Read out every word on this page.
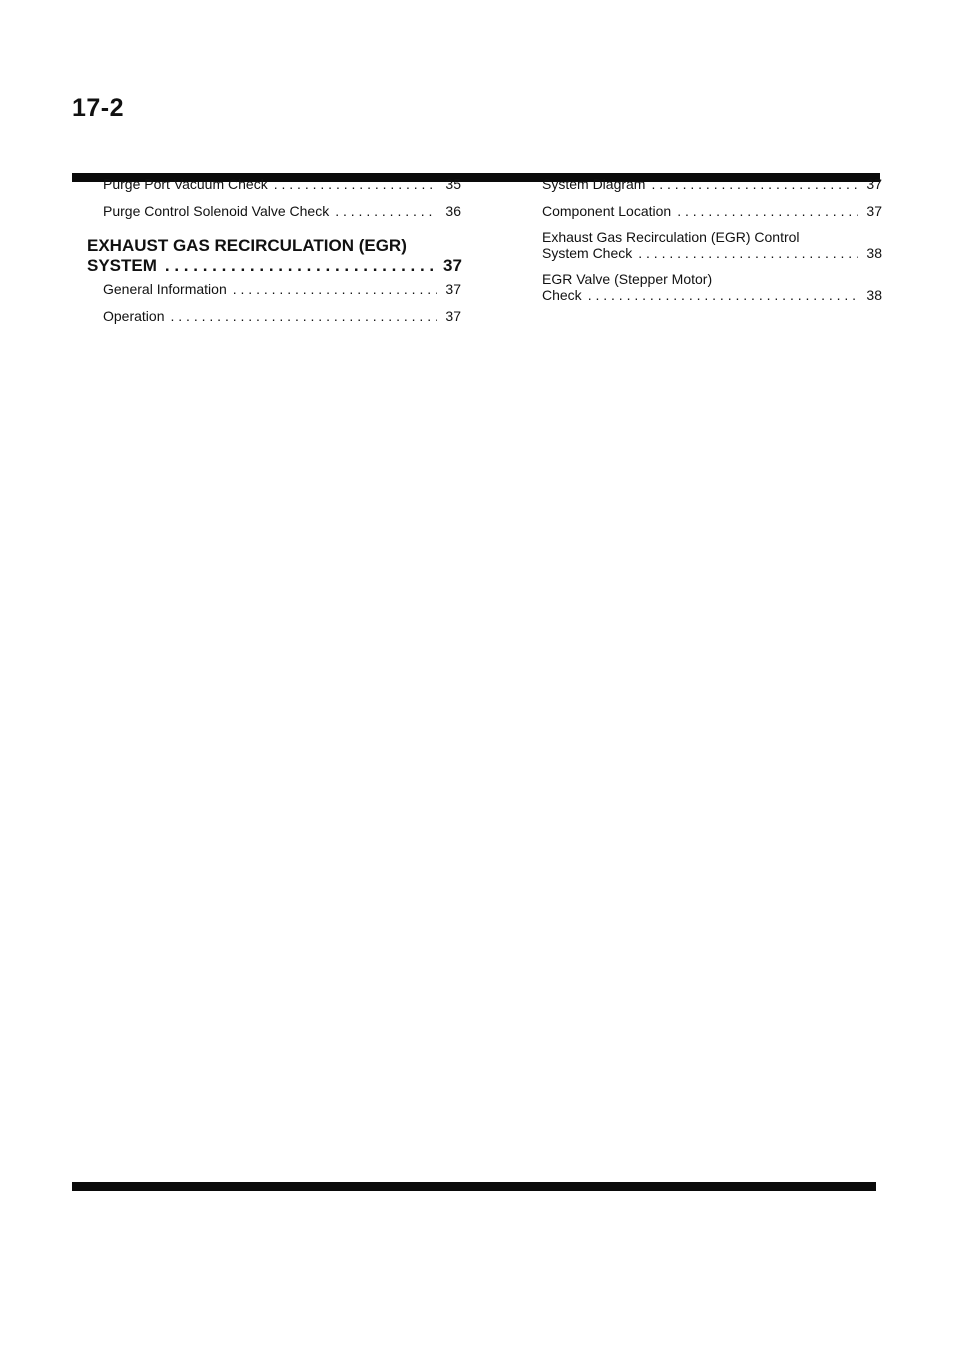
17-2
Purge Port Vacuum Check . . .	35
Purge Control Solenoid Valve Check . . .	36
EXHAUST GAS RECIRCULATION (EGR)
SYSTEM . . .	37
General Information . . .	37
Operation . . .	37
System Diagram . . .	37
Component Location . . .	37
Exhaust Gas Recirculation (EGR) Control
System Check . . .	38
EGR Valve (Stepper Motor)
Check . . .	38
